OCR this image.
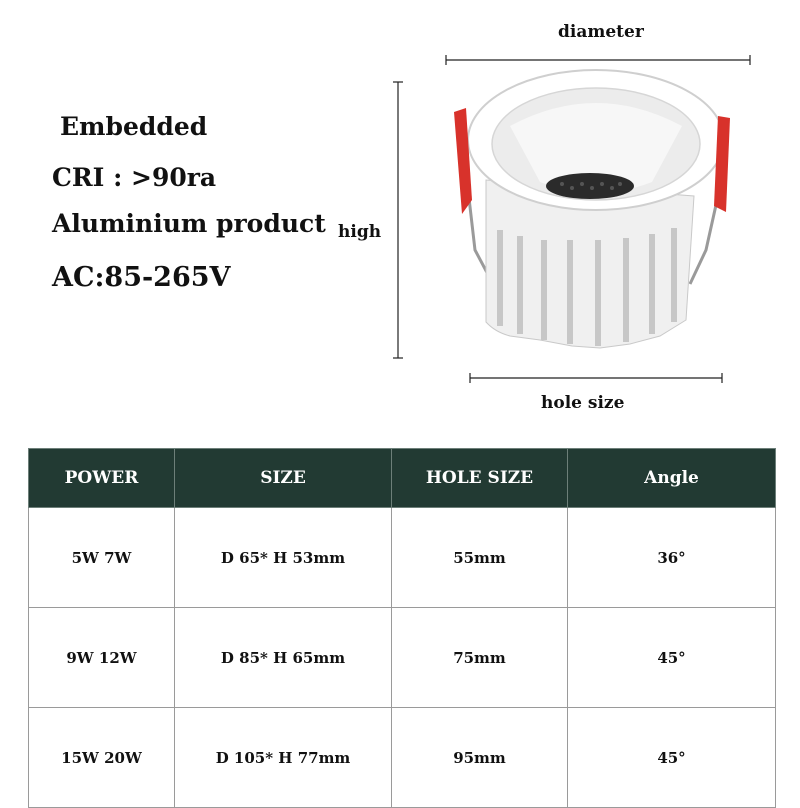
Embedded
CRI : >90ra
Aluminium product
AC:85-265V
diameter
high
hole size
POWER	SIZE	HOLE SIZE	Angle
5W 7W	D 65* H 53mm	55mm	36°
9W 12W	D 85* H 65mm	75mm	45°
15W 20W	D 105* H 77mm	95mm	45°
